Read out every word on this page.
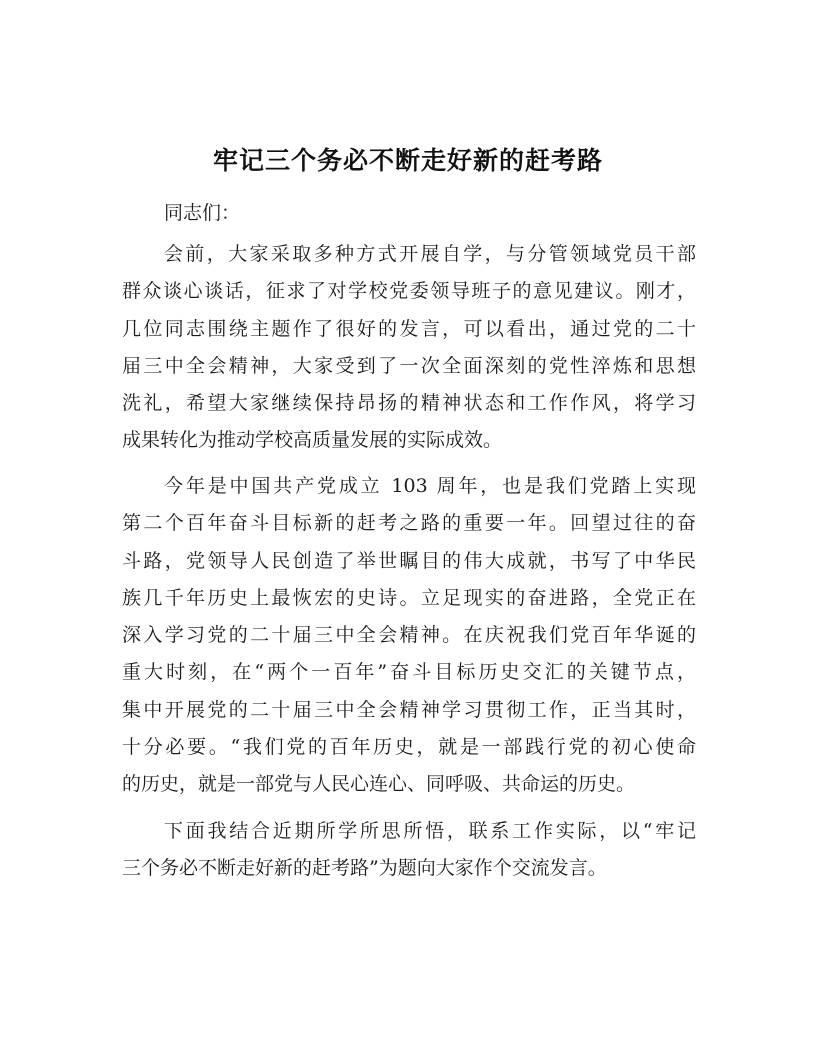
牢记三个务必不断走好新的赶考路
同志们：
会前，大家采取多种方式开展自学，与分管领域党员干部
群众谈心谈话，征求了对学校党委领导班子的意见建议。刚才，
几位同志围绕主题作了很好的发言，可以看出，通过党的二十
届三中全会精神，大家受到了一次全面深刻的党性淬炼和思想
洗礼，希望大家继续保持昂扬的精神状态和工作作风，将学习
成果转化为推动学校高质量发展的实际成效。
今年是中国共产党成立 103 周年，也是我们党踏上实现
第二个百年奋斗目标新的赶考之路的重要一年。回望过往的奋
斗路，党领导人民创造了举世瞩目的伟大成就，书写了中华民
族几千年历史上最恢宏的史诗。立足现实的奋进路，全党正在
深入学习党的二十届三中全会精神。在庆祝我们党百年华诞的
重大时刻，在“两个一百年”奋斗目标历史交汇的关键节点，
集中开展党的二十届三中全会精神学习贯彻工作，正当其时，
十分必要。“我们党的百年历史，就是一部践行党的初心使命
的历史，就是一部党与人民心连心、同呼吸、共命运的历史。
下面我结合近期所学所思所悟，联系工作实际，以“牢记
三个务必不断走好新的赶考路”为题向大家作个交流发言。
